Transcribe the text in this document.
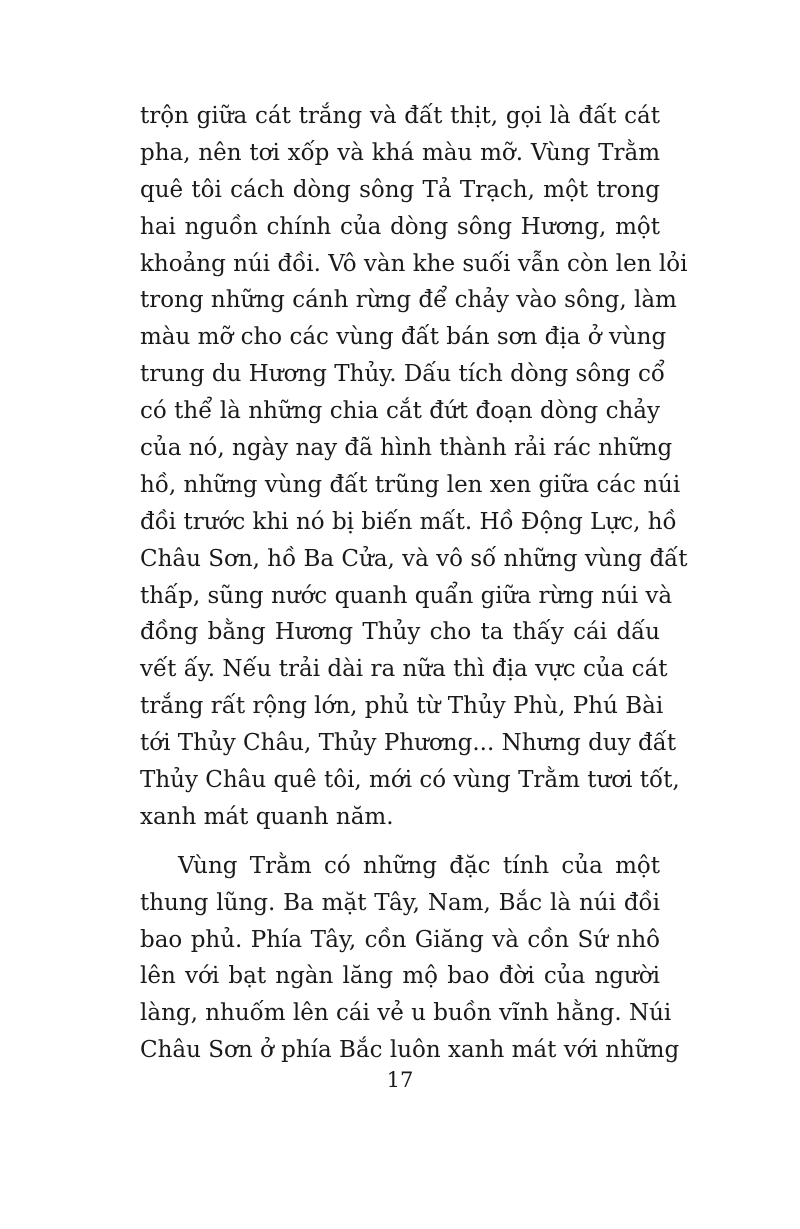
trộn giữa cát trắng và đất thịt, gọi là đất cát
pha, nên tơi xốp và khá màu mỡ. Vùng Trằm
quê tôi cách dòng sông Tả Trạch, một trong
hai nguồn chính của dòng sông Hương, một
khoảng núi đồi. Vô vàn khe suối vẫn còn len lỏi
trong những cánh rừng để chảy vào sông, làm
màu mỡ cho các vùng đất bán sơn địa ở vùng
trung du Hương Thủy. Dấu tích dòng sông cổ
có thể là những chia cắt đứt đoạn dòng chảy
của nó, ngày nay đã hình thành rải rác những
hồ, những vùng đất trũng len xen giữa các núi
đồi trước khi nó bị biến mất. Hồ Động Lực, hồ
Châu Sơn, hồ Ba Cửa, và vô số những vùng đất
thấp, sũng nước quanh quẩn giữa rừng núi và
đồng bằng Hương Thủy cho ta thấy cái dấu
vết ấy. Nếu trải dài ra nữa thì địa vực của cát
trắng rất rộng lớn, phủ từ Thủy Phù, Phú Bài
tới Thủy Châu, Thủy Phương... Nhưng duy đất
Thủy Châu quê tôi, mới có vùng Trằm tươi tốt,
xanh mát quanh năm.
Vùng Trằm có những đặc tính của một
thung lũng. Ba mặt Tây, Nam, Bắc là núi đồi
bao phủ. Phía Tây, cồn Giăng và cồn Sứ nhô
lên với bạt ngàn lăng mộ bao đời của người
làng, nhuốm lên cái vẻ u buồn vĩnh hằng. Núi
Châu Sơn ở phía Bắc luôn xanh mát với những
17
